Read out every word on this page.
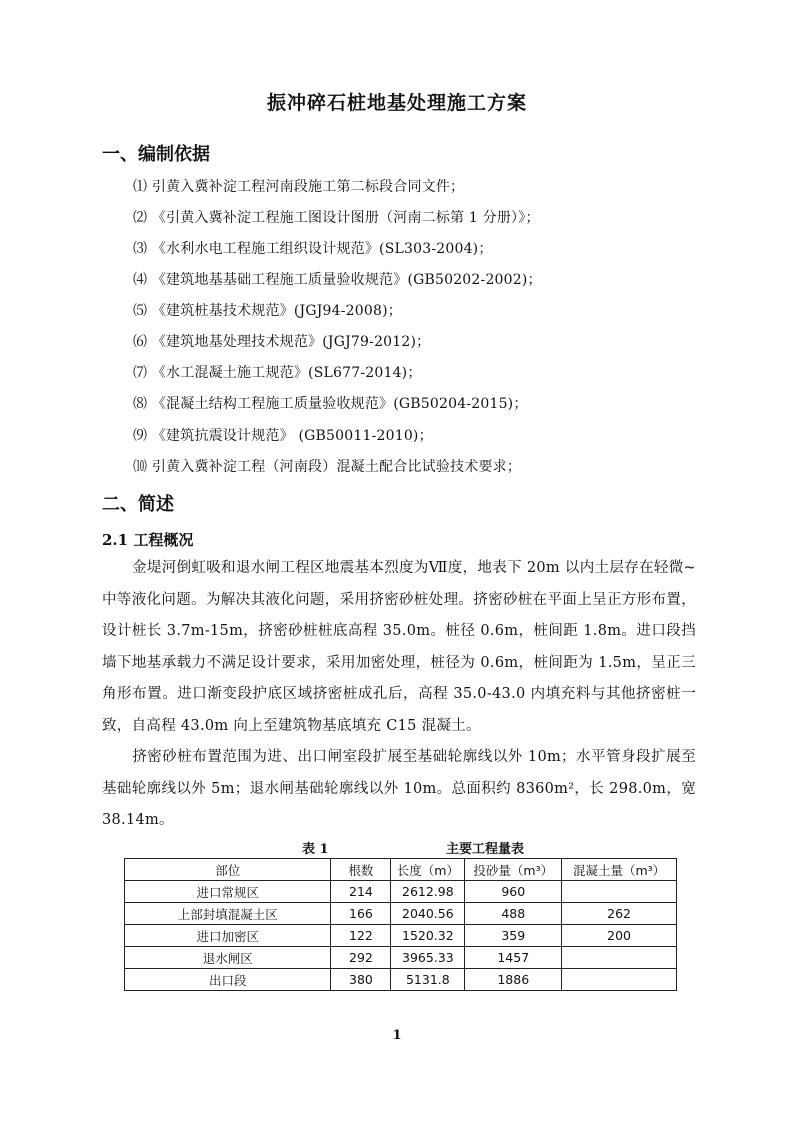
振冲碎石桩地基处理施工方案
一、编制依据
⑴ 引黄入冀补淀工程河南段施工第二标段合同文件；
⑵ 《引黄入冀补淀工程施工图设计图册（河南二标第 1 分册）》；
⑶ 《水利水电工程施工组织设计规范》(SL303-2004)；
⑷ 《建筑地基基础工程施工质量验收规范》(GB50202-2002)；
⑸ 《建筑桩基技术规范》(JGJ94-2008)；
⑹ 《建筑地基处理技术规范》(JGJ79-2012)；
⑺ 《水工混凝土施工规范》(SL677-2014)；
⑻ 《混凝土结构工程施工质量验收规范》(GB50204-2015)；
⑼ 《建筑抗震设计规范》 (GB50011-2010)；
⑽ 引黄入冀补淀工程（河南段）混凝土配合比试验技术要求；
二、简述
2.1 工程概况

金堤河倒虹吸和退水闸工程区地震基本烈度为Ⅶ度，地表下 20m 以内土层存在轻微~中等液化问题。为解决其液化问题，采用挤密砂桩处理。挤密砂桩在平面上呈正方形布置，设计桩长 3.7m-15m，挤密砂桩桩底高程 35.0m。桩径 0.6m，桩间距 1.8m。进口段挡墙下地基承载力不满足设计要求，采用加密处理，桩径为 0.6m，桩间距为 1.5m，呈正三角形布置。进口渐变段护底区域挤密桩成孔后，高程 35.0-43.0 内填充料与其他挤密桩一致，自高程 43.0m 向上至建筑物基底填充 C15 混凝土。

挤密砂桩布置范围为进、出口闸室段扩展至基础轮廓线以外 10m；水平管身段扩展至基础轮廓线以外 5m；退水闸基础轮廓线以外 10m。总面积约 8360m²，长 298.0m，宽 38.14m。

表 1	主要工程量表
部位	根数	长度（m）	投砂量（m³）	混凝土量（m³）
进口常规区	214	2612.98	960	
上部封填混凝土区	166	2040.56	488	262
进口加密区	122	1520.32	359	200
退水闸区	292	3965.33	1457	
出口段	380	5131.8	1886	
1
